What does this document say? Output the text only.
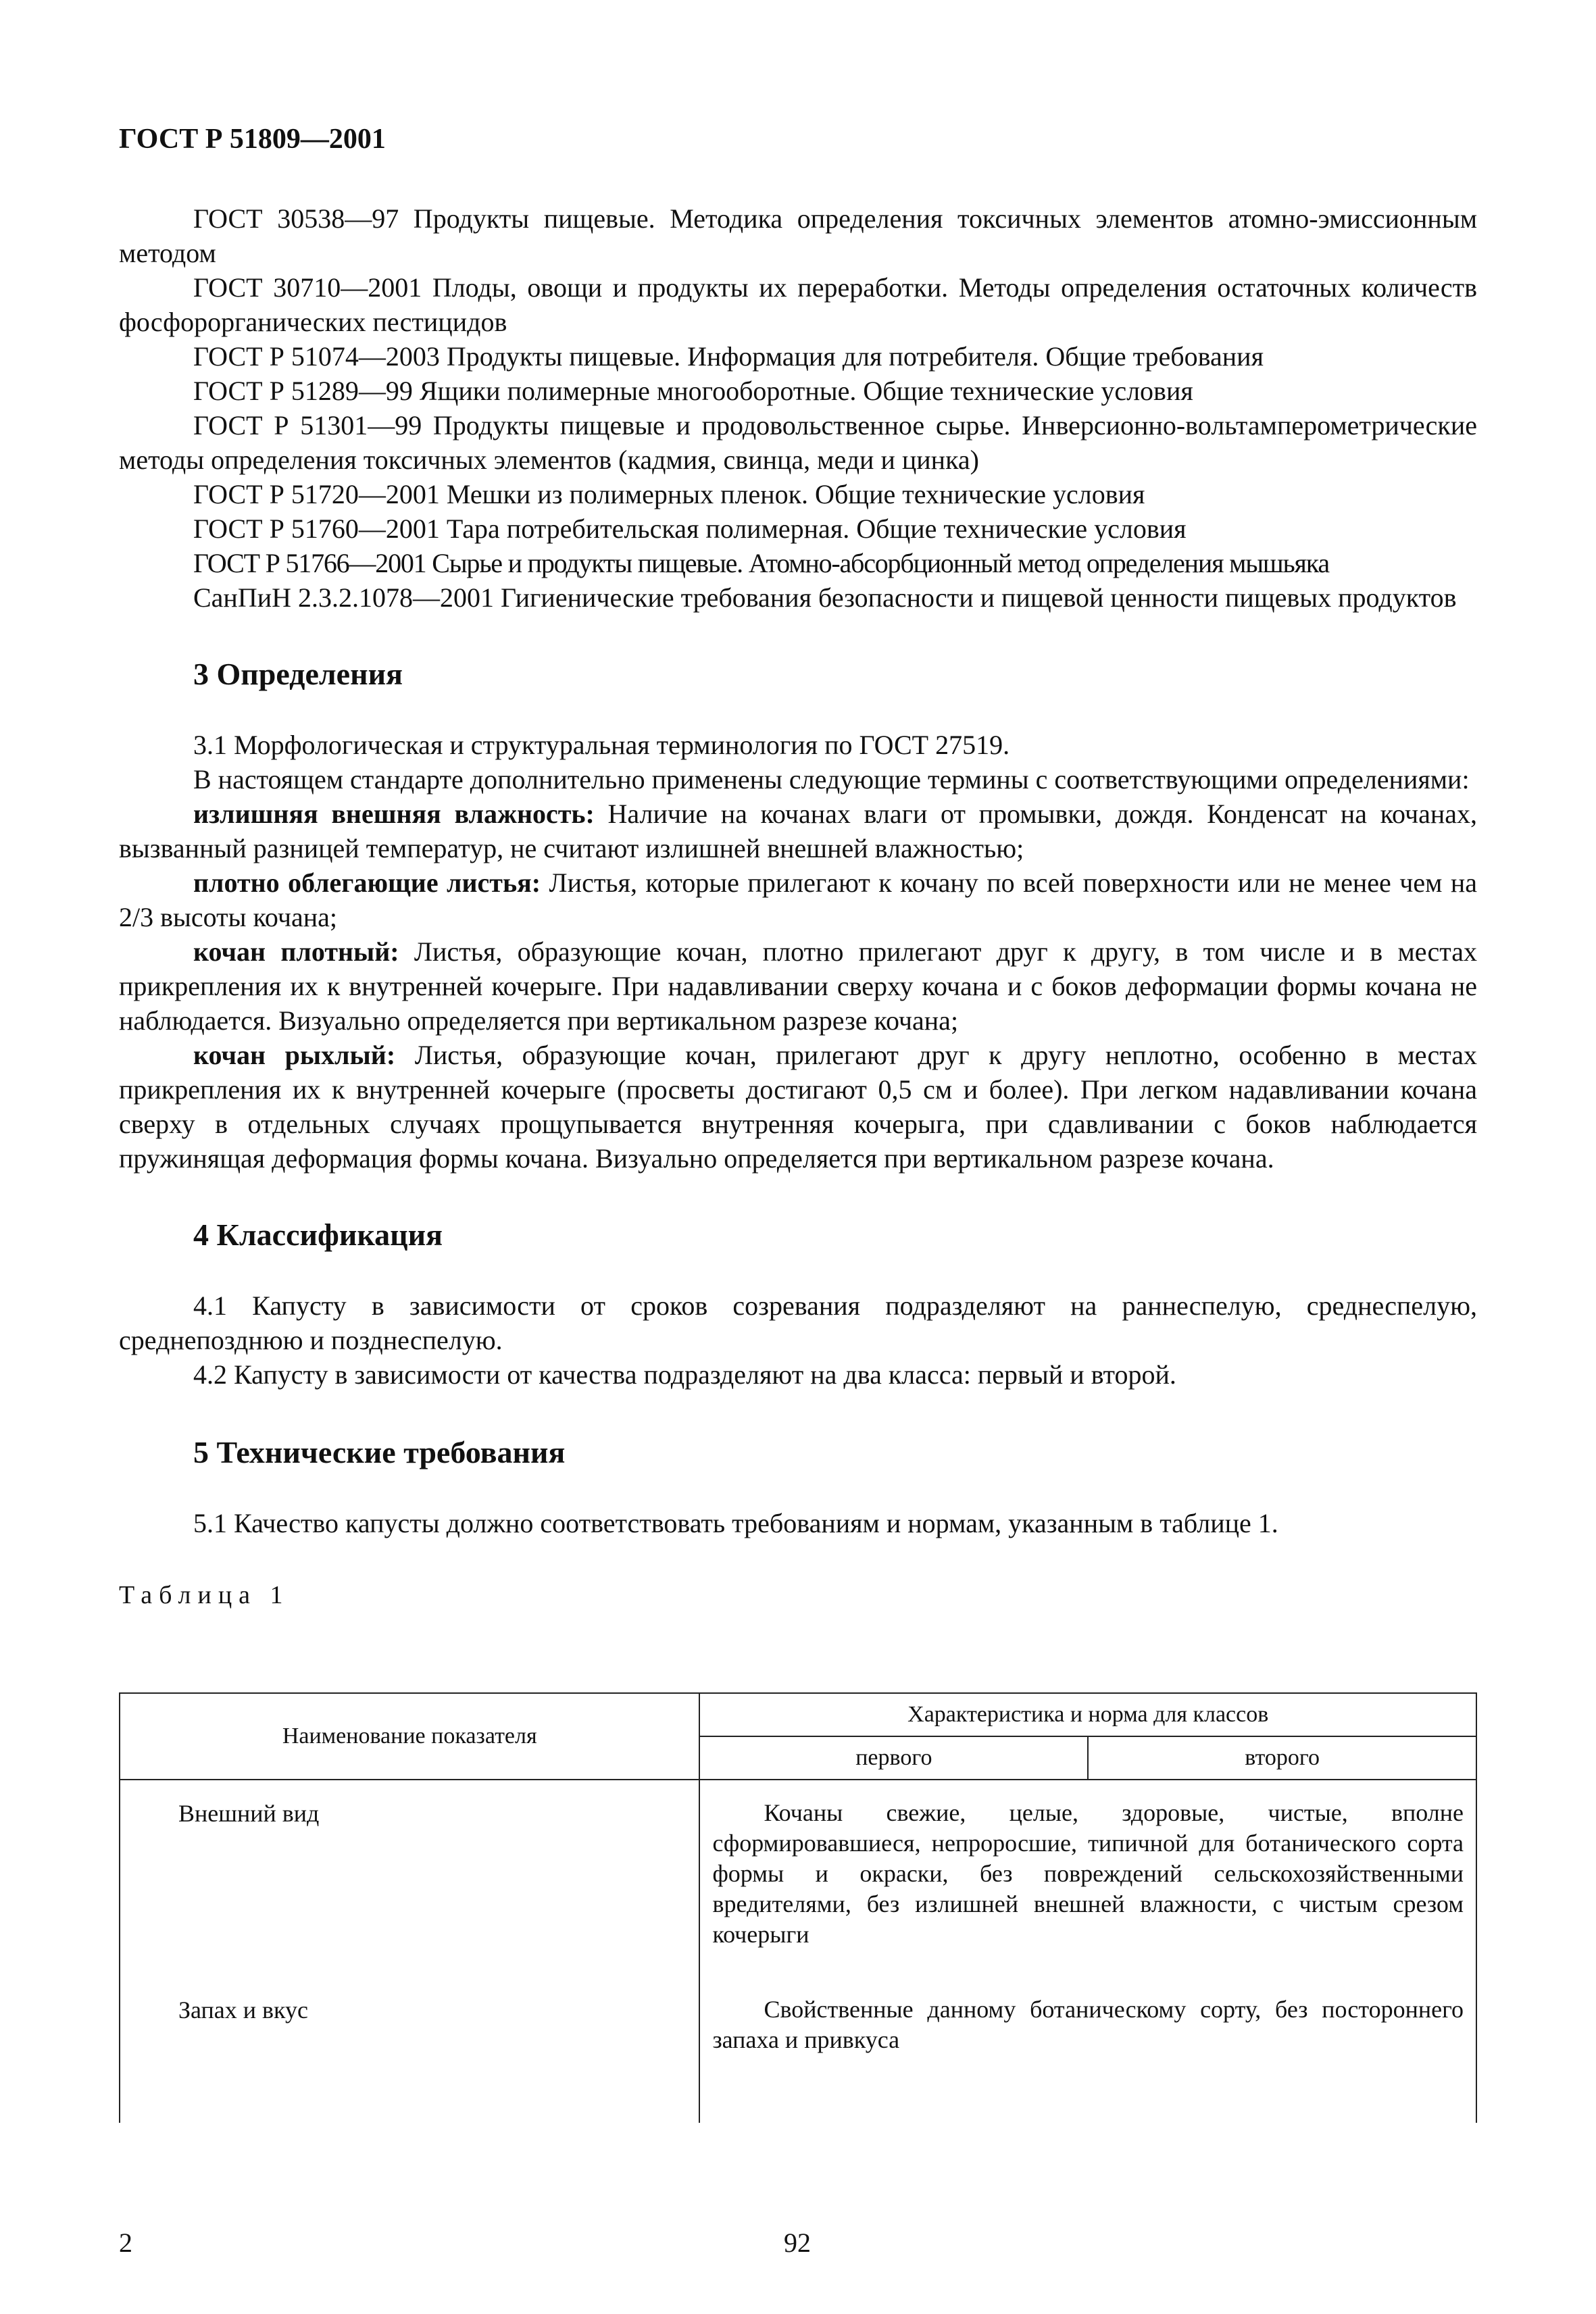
ГОСТ Р 51809—2001

ГОСТ 30538—97 Продукты пищевые. Методика определения токсичных элементов атомно-эмиссионным методом

ГОСТ 30710—2001 Плоды, овощи и продукты их переработки. Методы определения остаточных количеств фосфорорганических пестицидов

ГОСТ Р 51074—2003 Продукты пищевые. Информация для потребителя. Общие требования

ГОСТ Р 51289—99 Ящики полимерные многооборотные. Общие технические условия

ГОСТ Р 51301—99 Продукты пищевые и продовольственное сырье. Инверсионно-вольтамперометрические методы определения токсичных элементов (кадмия, свинца, меди и цинка)

ГОСТ Р 51720—2001 Мешки из полимерных пленок. Общие технические условия

ГОСТ Р 51760—2001 Тара потребительская полимерная. Общие технические условия

ГОСТ Р 51766—2001 Сырье и продукты пищевые. Атомно-абсорбционный метод определения мышьяка

СанПиН 2.3.2.1078—2001 Гигиенические требования безопасности и пищевой ценности пищевых продуктов

3 Определения

3.1 Морфологическая и структуральная терминология по ГОСТ 27519.

В настоящем стандарте дополнительно применены следующие термины с соответствующими определениями:

излишняя внешняя влажность: Наличие на кочанах влаги от промывки, дождя. Конденсат на кочанах, вызванный разницей температур, не считают излишней внешней влажностью;

плотно облегающие листья: Листья, которые прилегают к кочану по всей поверхности или не менее чем на 2/3 высоты кочана;

кочан плотный: Листья, образующие кочан, плотно прилегают друг к другу, в том числе и в местах прикрепления их к внутренней кочерыге. При надавливании сверху кочана и с боков деформации формы кочана не наблюдается. Визуально определяется при вертикальном разрезе кочана;

кочан рыхлый: Листья, образующие кочан, прилегают друг к другу неплотно, особенно в местах прикрепления их к внутренней кочерыге (просветы достигают 0,5 см и более). При легком надавливании кочана сверху в отдельных случаях прощупывается внутренняя кочерыга, при сдавливании с боков наблюдается пружинящая деформация формы кочана. Визуально определяется при вертикальном разрезе кочана.

4 Классификация

4.1 Капусту в зависимости от сроков созревания подразделяют на раннеспелую, среднеспелую, среднепозднюю и позднеспелую.

4.2 Капусту в зависимости от качества подразделяют на два класса: первый и второй.

5 Технические требования

5.1 Качество капусты должно соответствовать требованиям и нормам, указанным в таблице 1.

Таблица 1
Наименование показателя	Характеристика и норма для классов	
	первого	второго
Внешний вид	Кочаны свежие, целые, здоровые, чистые, вполне сформировавшиеся, непроросшие, типичной для ботанического сорта формы и окраски, без повреждений сельскохозяйственными вредителями, без излишней внешней влажности, с чистым срезом кочерыги	
Запах и вкус	Свойственные данному ботаническому сорту, без постороннего запаха и привкуса	
2	92
